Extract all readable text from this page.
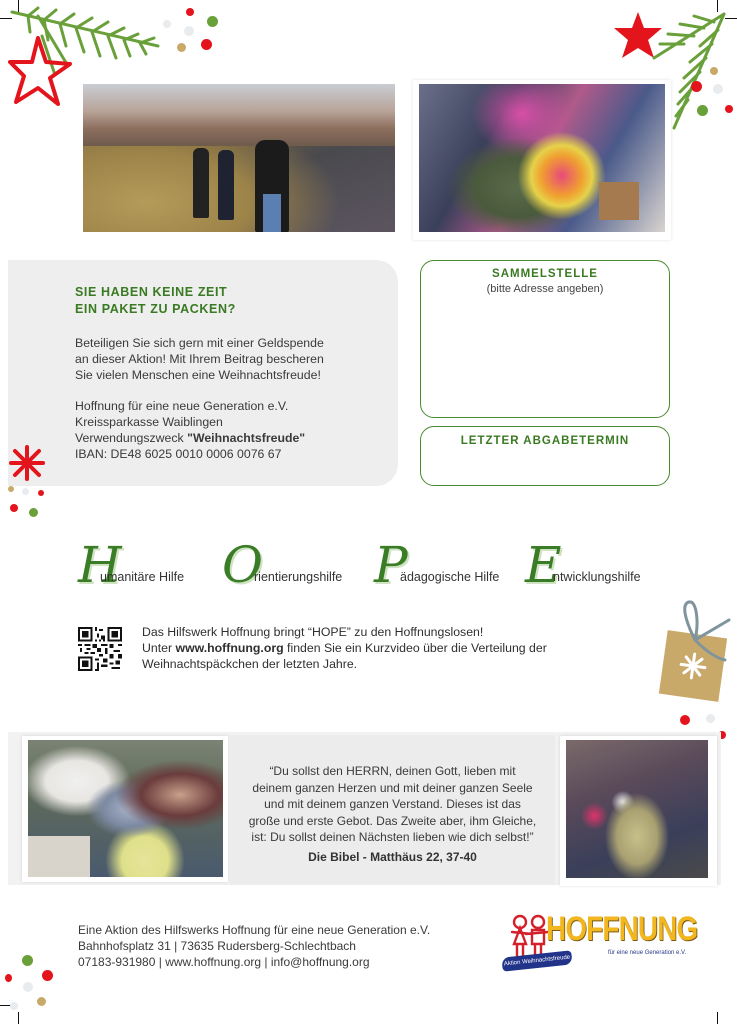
SIE HABEN KEINE ZEIT
EIN PAKET ZU PACKEN?
Beteiligen Sie sich gern mit einer Geldspende
an dieser Aktion! Mit Ihrem Beitrag bescheren
Sie vielen Menschen eine Weihnachtsfreude!
Hoffnung für eine neue Generation e.V.
Kreissparkasse Waiblingen
Verwendungszweck "Weihnachtsfreude"
IBAN: DE48 6025 0010 0006 0076 67
SAMMELSTELLE
(bitte Adresse angeben)
LETZTER ABGABETERMIN
H
umanitäre Hilfe O
rientierungshilfe P
ädagogische Hilfe E
ntwicklungshilfe
Das Hilfswerk Hoffnung bringt “HOPE” zu den Hoffnungslosen!
Unter www.hoffnung.org finden Sie ein Kurzvideo über die Verteilung der
Weihnachtspäckchen der letzten Jahre.
“Du sollst den HERRN, deinen Gott, lieben mit
deinem ganzen Herzen und mit deiner ganzen Seele
und mit deinem ganzen Verstand. Dieses ist das
große und erste Gebot. Das Zweite aber, ihm Gleiche,
ist: Du sollst deinen Nächsten lieben wie dich selbst!”
Die Bibel - Matthäus 22, 37-40
Eine Aktion des Hilfswerks Hoffnung für eine neue Generation e.V.
Bahnhofsplatz 31 | 73635 Rudersberg-Schlechtbach
07183-931980 | www.hoffnung.org | info@hoffnung.org
HOFFNUNG
für eine neue Generation e.V.
Aktion Weihnachtsfreude
